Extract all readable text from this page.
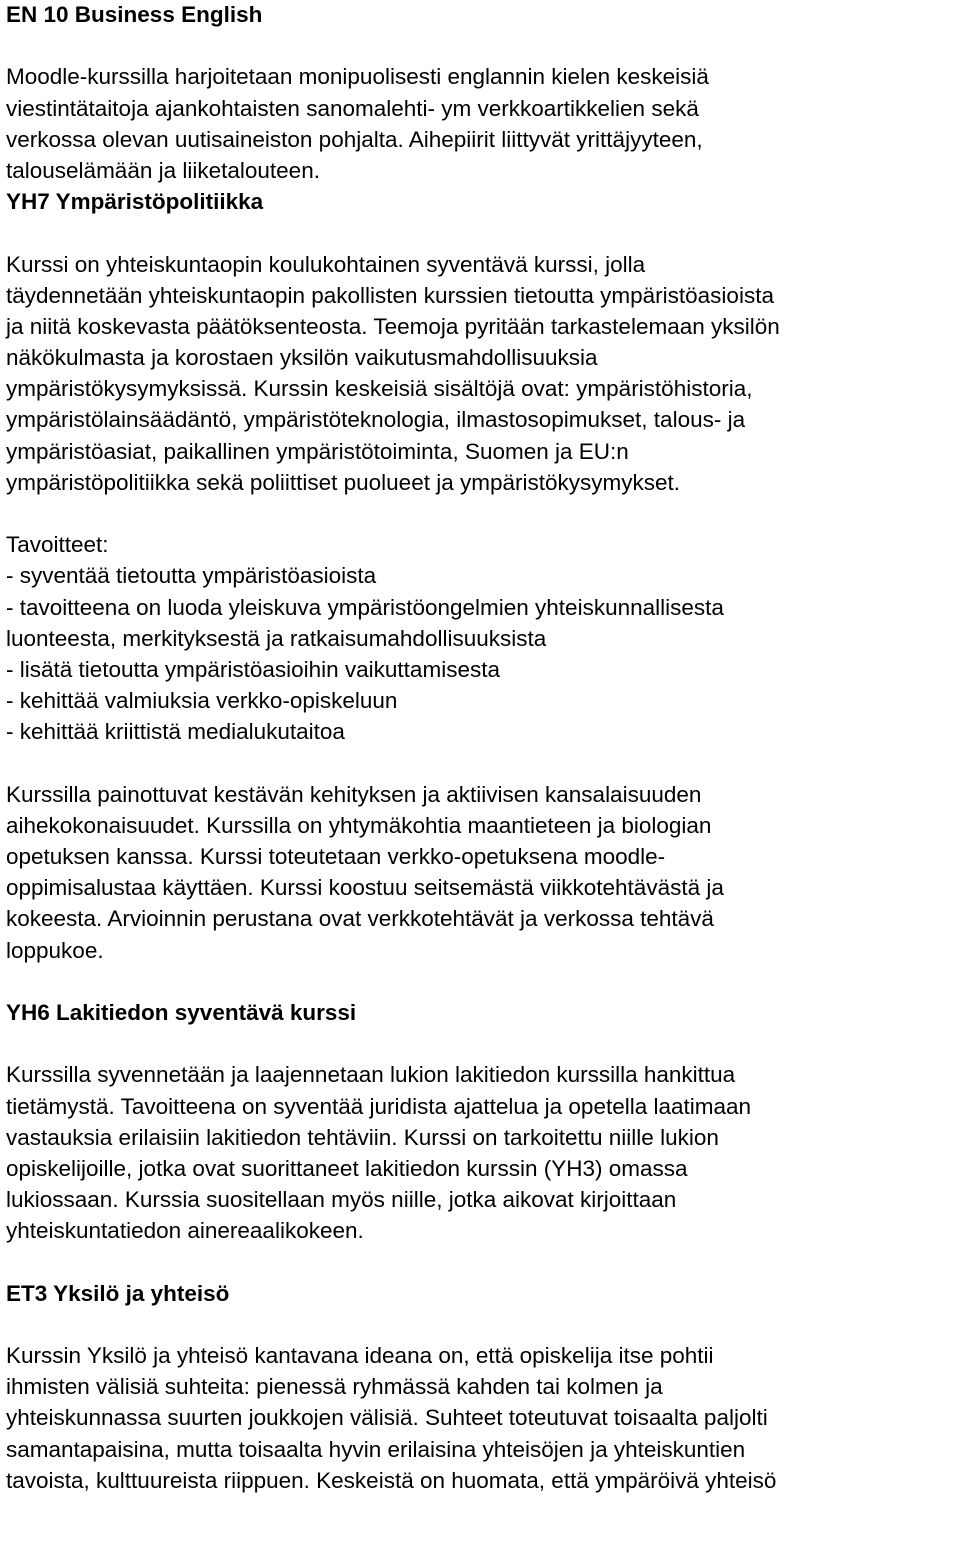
EN 10 Business English
Moodle-kurssilla harjoitetaan monipuolisesti englannin kielen keskeisiä
viestintätaitoja ajankohtaisten sanomalehti- ym verkkoartikkelien sekä
verkossa olevan uutisaineiston pohjalta. Aihepiirit liittyvät yrittäjyyteen,
talouselämään ja liiketalouteen.
YH7 Ympäristöpolitiikka
Kurssi on yhteiskuntaopin koulukohtainen syventävä kurssi, jolla
täydennetään yhteiskuntaopin pakollisten kurssien tietoutta ympäristöasioista
ja niitä koskevasta päätöksenteosta. Teemoja pyritään tarkastelemaan yksilön
näkökulmasta ja korostaen yksilön vaikutusmahdollisuuksia
ympäristökysymyksissä. Kurssin keskeisiä sisältöjä ovat: ympäristöhistoria,
ympäristölainsäädäntö, ympäristöteknologia, ilmastosopimukset, talous- ja
ympäristöasiat, paikallinen ympäristötoiminta, Suomen ja EU:n
ympäristöpolitiikka sekä poliittiset puolueet ja ympäristökysymykset.
Tavoitteet:
- syventää tietoutta ympäristöasioista
- tavoitteena on luoda yleiskuva ympäristöongelmien yhteiskunnallisesta
luonteesta, merkityksestä ja ratkaisumahdollisuuksista
- lisätä tietoutta ympäristöasioihin vaikuttamisesta
- kehittää valmiuksia verkko-opiskeluun
- kehittää kriittistä medialukutaitoa
Kurssilla painottuvat kestävän kehityksen ja aktiivisen kansalaisuuden
aihekokonaisuudet. Kurssilla on yhtymäkohtia maantieteen ja biologian
opetuksen kanssa. Kurssi toteutetaan verkko-opetuksena moodle-
oppimisalustaa käyttäen. Kurssi koostuu seitsemästä viikkotehtävästä ja
kokeesta. Arvioinnin perustana ovat verkkotehtävät ja verkossa tehtävä
loppukoe.
YH6 Lakitiedon syventävä kurssi
Kurssilla syvennetään ja laajennetaan lukion lakitiedon kurssilla hankittua
tietämystä. Tavoitteena on syventää juridista ajattelua ja opetella laatimaan
vastauksia erilaisiin lakitiedon tehtäviin. Kurssi on tarkoitettu niille lukion
opiskelijoille, jotka ovat suorittaneet lakitiedon kurssin (YH3) omassa
lukiossaan. Kurssia suositellaan myös niille, jotka aikovat kirjoittaan
yhteiskuntatiedon ainereaalikokeen.
ET3 Yksilö ja yhteisö
Kurssin Yksilö ja yhteisö kantavana ideana on, että opiskelija itse pohtii
ihmisten välisiä suhteita: pienessä ryhmässä kahden tai kolmen ja
yhteiskunnassa suurten joukkojen välisiä. Suhteet toteutuvat toisaalta paljolti
samantapaisina, mutta toisaalta hyvin erilaisina yhteisöjen ja yhteiskuntien
tavoista, kulttuureista riippuen. Keskeistä on huomata, että ympäröivä yhteisö
